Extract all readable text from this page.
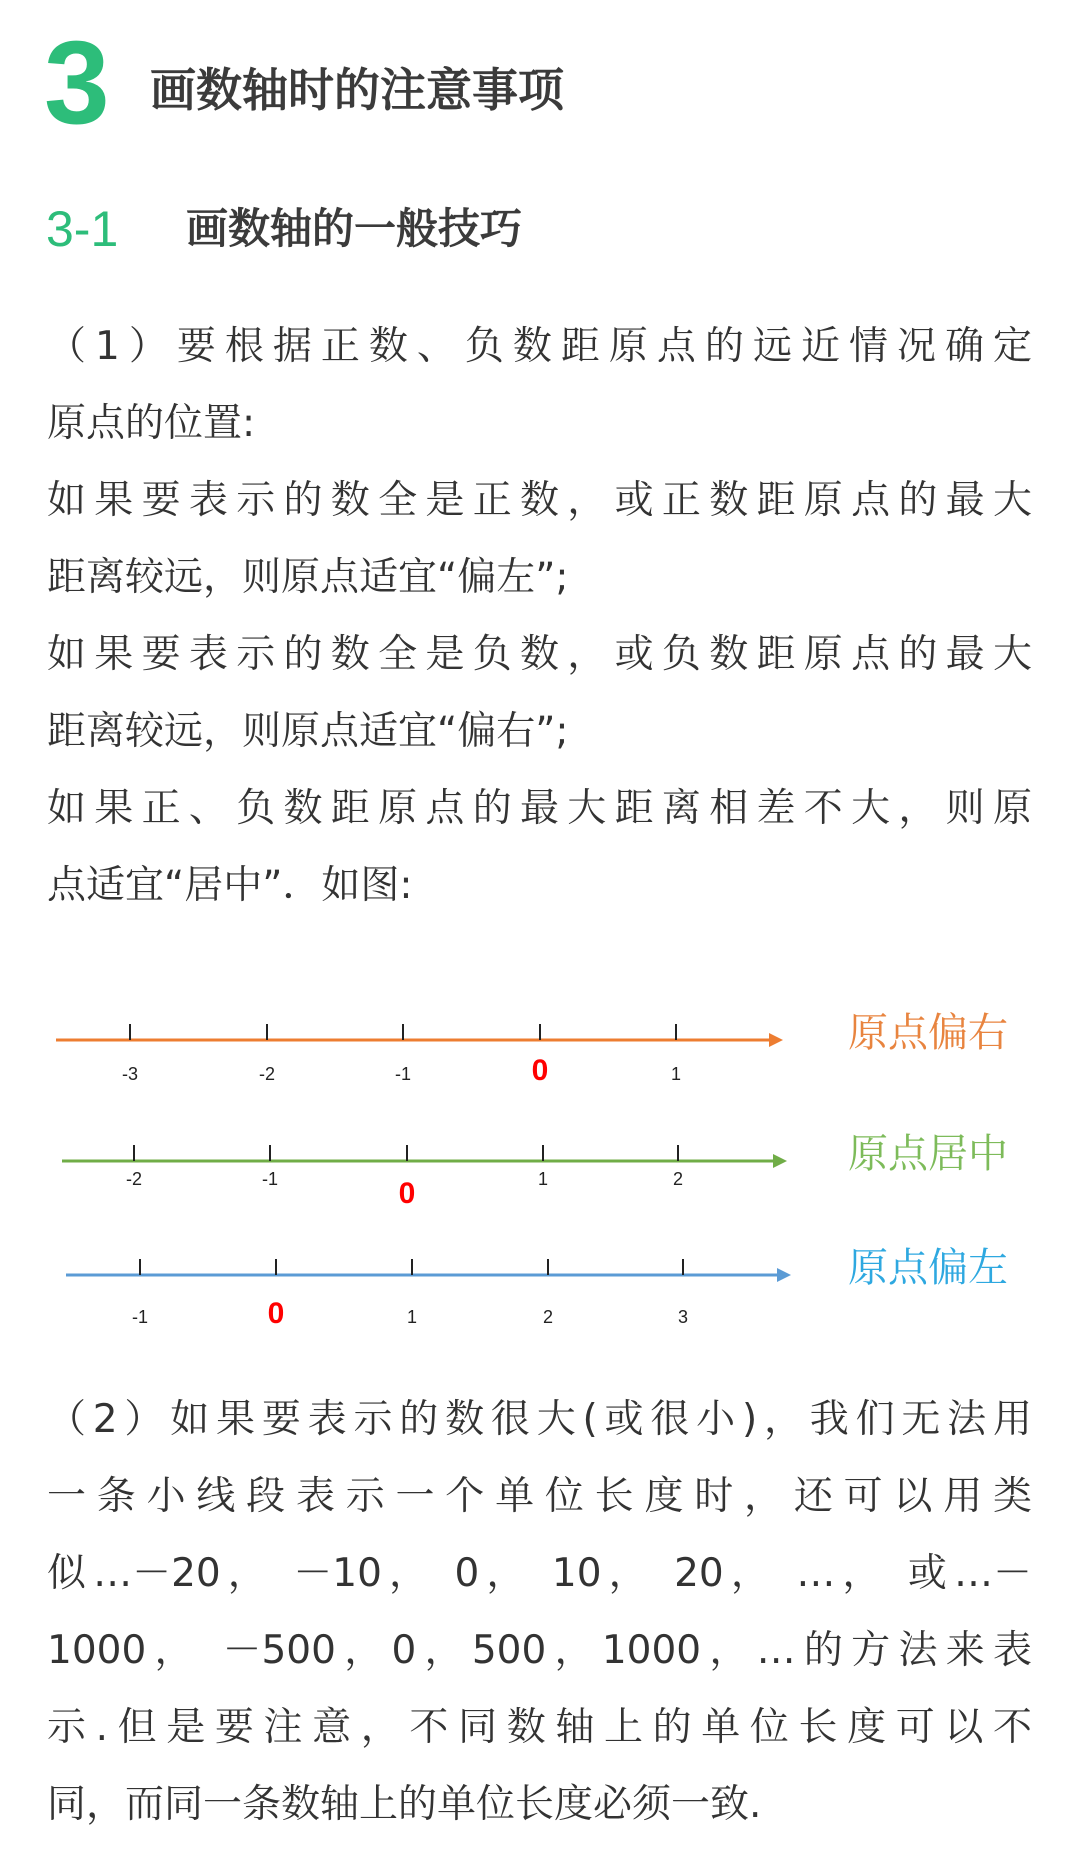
3 画数轴时的注意事项
3-1 画数轴的一般技巧
（1）要根据正数、负数距原点的远近情况确定
原点的位置:
如果要表示的数全是正数，或正数距原点的最大
距离较远，则原点适宜“偏左”;
如果要表示的数全是负数，或负数距原点的最大
距离较远，则原点适宜“偏右”;
如果正、负数距原点的最大距离相差不大，则原
点适宜“居中”．如图:
-3	-2	-1	0	1
原点偏右
-2	-1	0	1	2
原点居中
-1	0	1	2	3
原点偏左
（2）如果要表示的数很大(或很小)，我们无法用
一条小线段表示一个单位长度时，还可以用类
似…－20， －10， 0， 10， 20， …， 或…－
1000， －500，0，500，1000，…的方法来表
示.但是要注意，不同数轴上的单位长度可以不
同，而同一条数轴上的单位长度必须一致.
